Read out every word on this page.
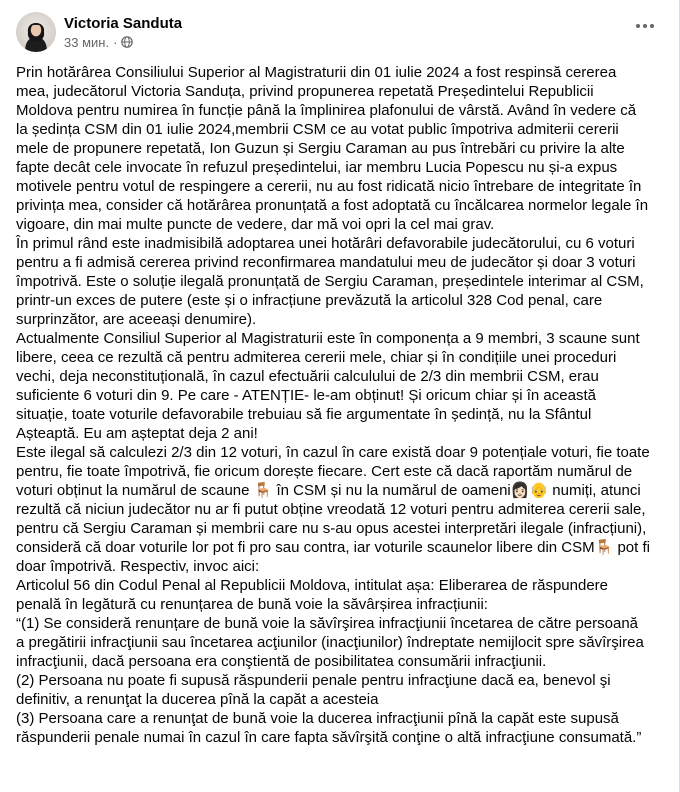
Victoria Sanduta
33 мин. ·

Prin hotărârea Consiliului Superior al Magistraturii din 01 iulie 2024 a fost respinsă cererea mea, judecătorul Victoria Sanduța, privind propunerea repetată Președintelui Republicii Moldova pentru numirea în funcție până la împlinirea plafonului de vârstă. Având în vedere că la ședința CSM din 01 iulie 2024,membrii CSM ce au votat public împotriva admiterii cererii mele de propunere repetată, Ion Guzun și Sergiu Caraman au pus întrebări cu privire la alte fapte decât cele invocate în refuzul președintelui, iar membru Lucia Popescu nu și-a expus motivele pentru votul de respingere a cererii, nu au fost ridicată nicio întrebare de integritate în privința mea, consider că hotărârea pronunțată a fost adoptată cu încălcarea normelor legale în vigoare, din mai multe puncte de vedere, dar mă voi opri la cel mai grav.

În primul rând este inadmisibilă adoptarea unei hotărâri defavorabile judecătorului, cu 6 voturi pentru a fi admisă cererea privind reconfirmarea mandatului meu de judecător și doar 3 voturi împotrivă. Este o soluție ilegală pronunțată de Sergiu Caraman, președintele interimar al CSM, printr-un exces de putere (este și o infracțiune prevăzută la articolul 328 Cod penal, care surprinzător, are aceeași denumire).

Actualmente Consiliul Superior al Magistraturii este în componența a 9 membri, 3 scaune sunt libere, ceea ce rezultă că pentru admiterea cererii mele, chiar și în condițiile unei proceduri vechi, deja neconstituțională, în cazul efectuării calculului de 2/3 din membrii CSM, erau suficiente 6 voturi din 9. Pe care - ATENȚIE- le-am obținut! Și oricum chiar și în această situație, toate voturile defavorabile trebuiau să fie argumentate în ședință, nu la Sfântul Așteaptă. Eu am așteptat deja 2 ani!

Este ilegal să calculezi 2/3 din 12 voturi, în cazul în care există doar 9 potențiale voturi, fie toate pentru, fie toate împotrivă, fie oricum dorește fiecare. Cert este că dacă raportăm numărul de voturi obținut la numărul de scaune 🪑 în CSM și nu la numărul de oameni👩🏻👴 numiți, atunci rezultă că niciun judecător nu ar fi putut obține vreodată 12 voturi pentru admiterea cererii sale, pentru că Sergiu Caraman și membrii care nu s-au opus acestei interpretări ilegale (infracțiuni), consideră că doar voturile lor pot fi pro sau contra, iar voturile scaunelor libere din CSM🪑 pot fi doar împotrivă. Respectiv, invoc aici:

Articolul 56 din Codul Penal al Republicii Moldova, intitulat așa: Eliberarea de răspundere penală în legătură cu renunțarea de bună voie la săvârșirea infracțiunii:

“(1) Se consideră renunțare de bună voie la săvîrşirea infracţiunii încetarea de către persoană a pregătirii infracţiunii sau încetarea acţiunilor (inacţiunilor) îndreptate nemijlocit spre săvîrşirea infracţiunii, dacă persoana era conştientă de posibilitatea consumării infracţiunii.

(2) Persoana nu poate fi supusă răspunderii penale pentru infracţiune dacă ea, benevol şi definitiv, a renunţat la ducerea pînă la capăt a acesteia

(3) Persoana care a renunţat de bună voie la ducerea infracţiunii pînă la capăt este supusă răspunderii penale numai în cazul în care fapta săvîrşită conţine o altă infracţiune consumată.”
